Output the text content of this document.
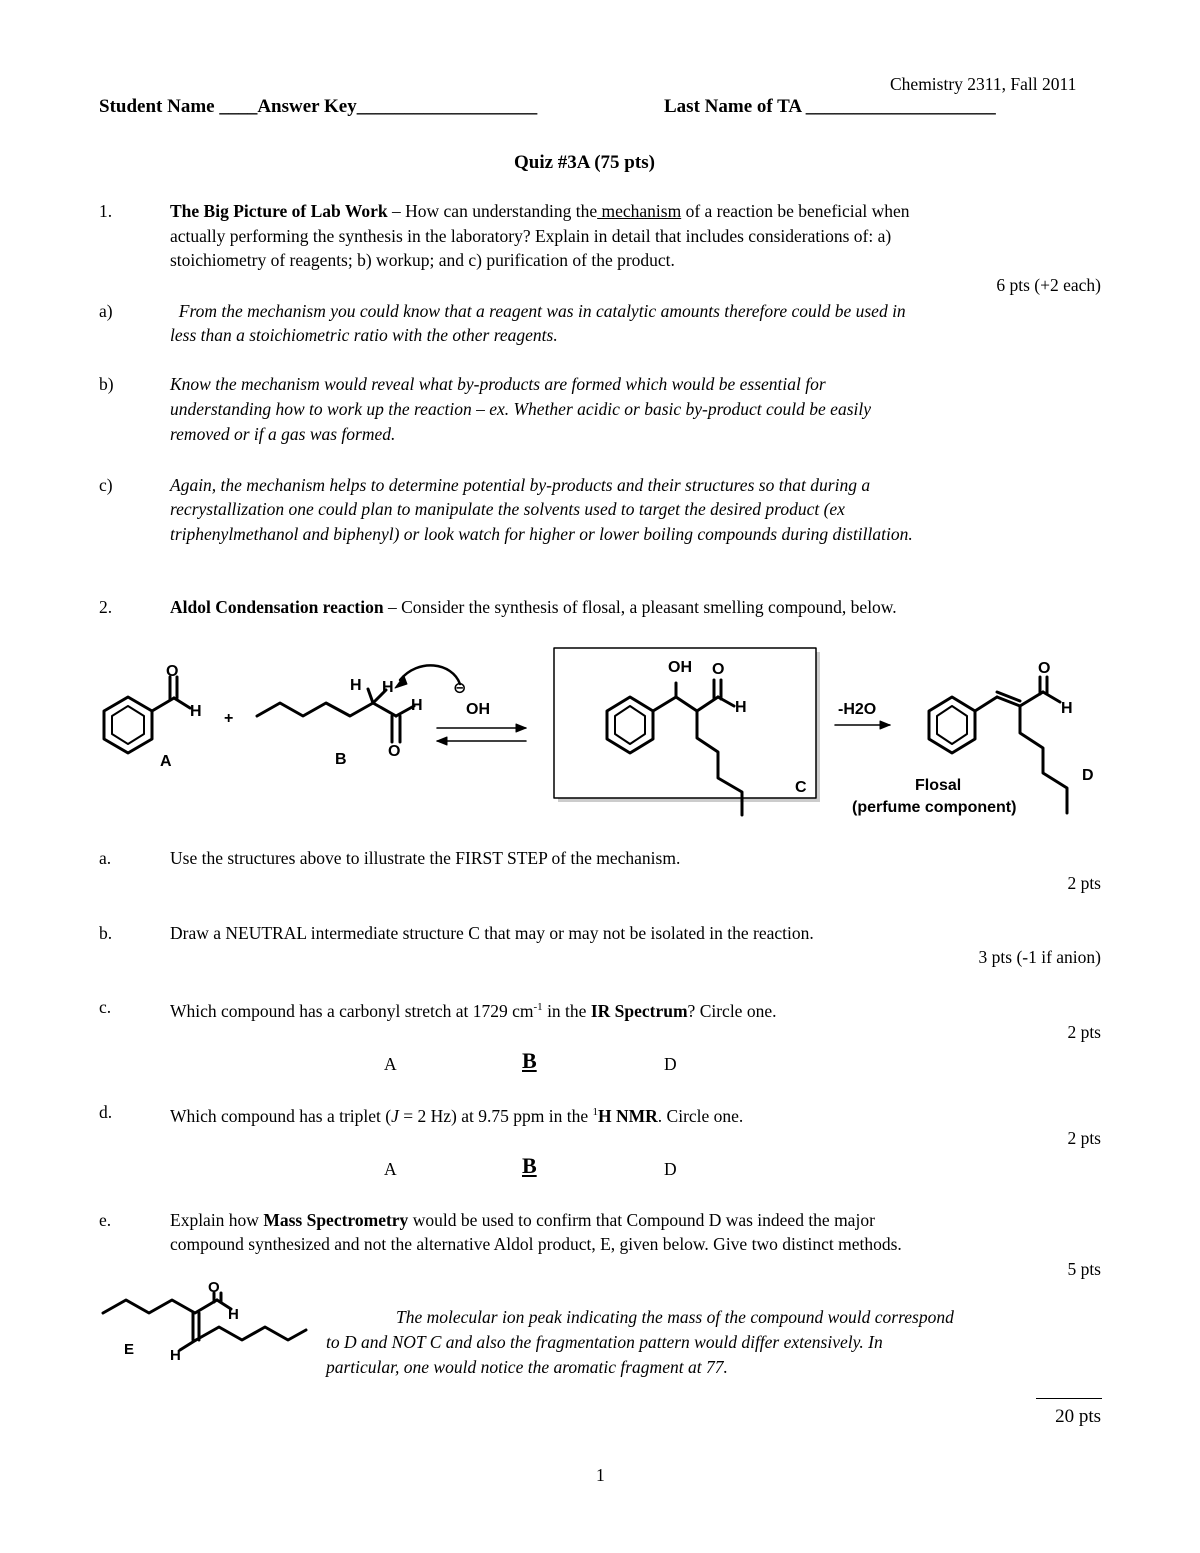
Chemistry 2311, Fall 2011
Student Name ____Answer Key___________________	Last Name of TA ____________________
Quiz #3A (75 pts)
1.	The Big Picture of Lab Work – How can understanding the mechanism of a reaction be beneficial when
actually performing the synthesis in the laboratory? Explain in detail that includes considerations of: a)
stoichiometry of reagents; b) workup; and c) purification of the product.
6 pts (+2 each)
a)	From the mechanism you could know that a reagent was in catalytic amounts therefore could be used in
less than a stoichiometric ratio with the other reagents.
b)	Know the mechanism would reveal what by-products are formed which would be essential for
understanding how to work up the reaction – ex. Whether acidic or basic by-product could be easily
removed or if a gas was formed.
c)	Again, the mechanism helps to determine potential by-products and their structures so that during a
recrystallization one could plan to manipulate the solvents used to target the desired product (ex
triphenylmethanol and biphenyl) or look watch for higher or lower boiling compounds during distillation.
2.	Aldol Condensation reaction – Consider the synthesis of flosal, a pleasant smelling compound, below.
O
H
A
+
H H
H
O
B
⊖
OH
OH O
H
C
-H2O
O
H
D
Flosal
(perfume component)
a.	Use the structures above to illustrate the FIRST STEP of the mechanism.
2 pts
b.	Draw a NEUTRAL intermediate structure C that may or may not be isolated in the reaction.
3 pts (-1 if anion)
c.	Which compound has a carbonyl stretch at 1729 $cm^{-1}$ in the IR Spectrum? Circle one.
2 pts
A	B	D
d.	Which compound has a triplet (J = 2 Hz) at 9.75 ppm in the $^1$H NMR. Circle one.
2 pts
A	B	D
e.	Explain how Mass Spectrometry would be used to confirm that Compound D was indeed the major
compound synthesized and not the alternative Aldol product, E, given below. Give two distinct methods.
5 pts
O
H
H
E
The molecular ion peak indicating the mass of the compound would correspond
to D and NOT C and also the fragmentation pattern would differ extensively. In
particular, one would notice the aromatic fragment at 77.
20 pts
1
